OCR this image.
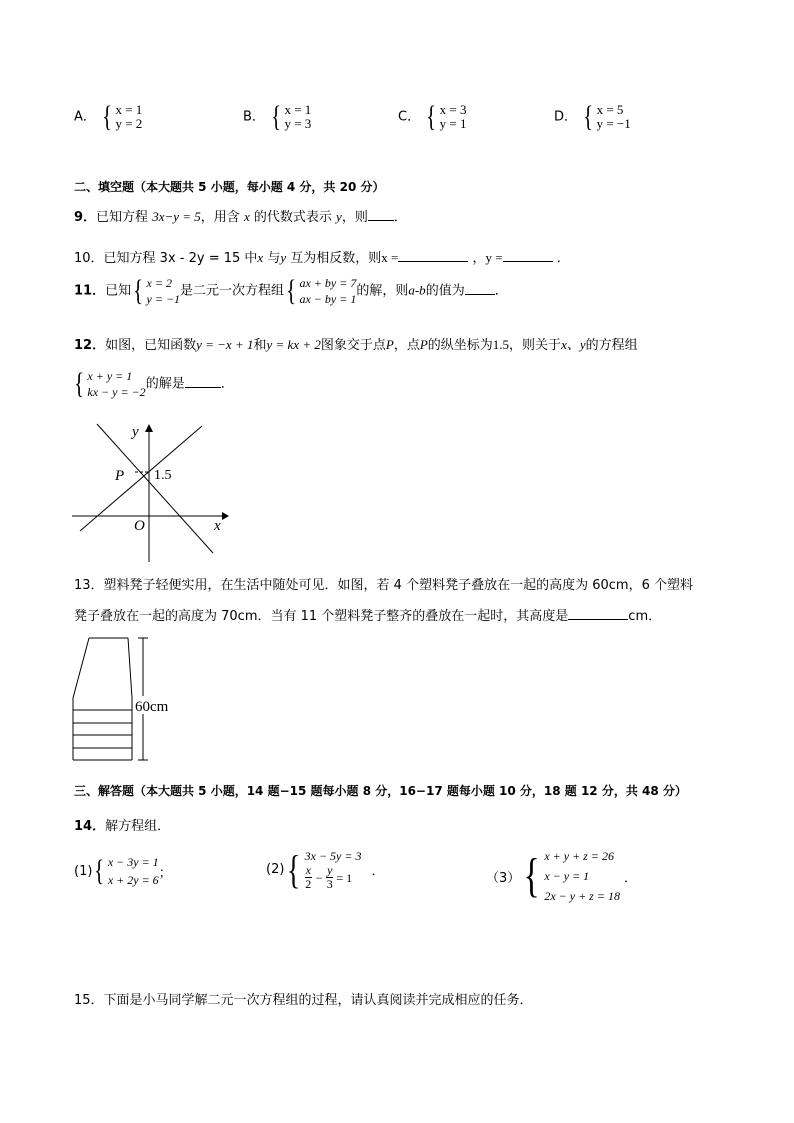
A． { x = 1
y = 2	B． { x = 1
y = 3	C． { x = 3
y = 1	D． { x = 5
y = −1
二、填空题（本大题共 5 小题，每小题 4 分，共 20 分）
9．已知方程 3x−y = 5，用含 x 的代数式表示 y，则 ．
10．已知方程 3x - 2y = 15 中x 与y 互为相反数，则x =	，y =	．
11．已知 { x = 2
y = −1
是二元一次方程组 { ax + by = 7
ax − by = 1
的解，则a-b的值为 ．
12．如图，已知函数y = −x + 1和y = kx + 2图象交于点P，点P的纵坐标为1.5，则关于x、y的方程组
{ x + y = 1
kx − y = −2
的解是	．
y
x
O
P 1.5
13．塑料凳子轻便实用，在生活中随处可见．如图，若 4 个塑料凳子叠放在一起的高度为 60cm，6 个塑料
凳子叠放在一起的高度为 70cm．当有 11 个塑料凳子整齐的叠放在一起时，其高度是	cm．
60cm
三、解答题（本大题共 5 小题，14 题−15 题每小题 8 分，16−17 题每小题 10 分，18 题 12 分，共 48 分）
14．解方程组．
(1) { x − 3y = 1
x + 2y = 6 ；	(2) { 3x − 5y = 3
$\frac{x}{2} - \frac{y}{3} = 1$ ．	（3） { x + y + z = 26
x − y = 1
2x − y + z = 18
．
15．下面是小马同学解二元一次方程组的过程，请认真阅读并完成相应的任务．
